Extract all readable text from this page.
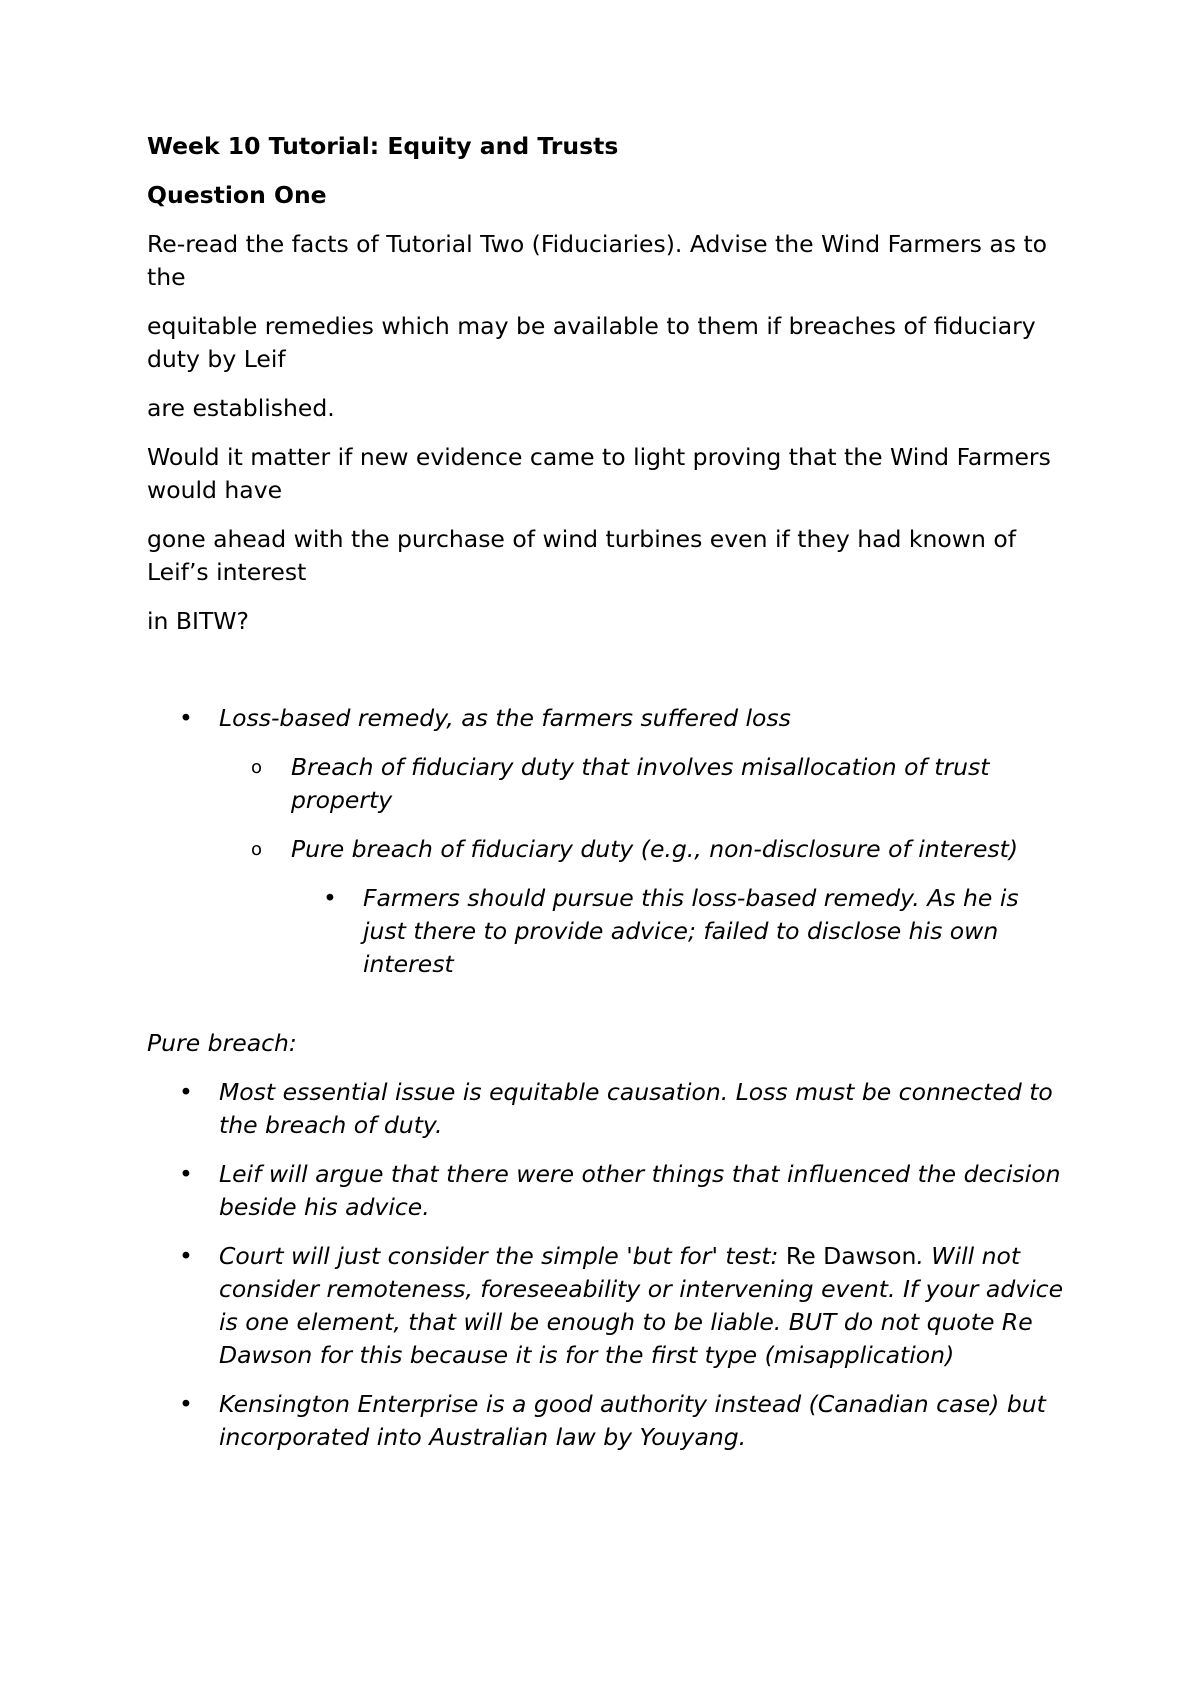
Week 10 Tutorial: Equity and Trusts
Question One
Re-read the facts of Tutorial Two (Fiduciaries). Advise the Wind Farmers as to the
equitable remedies which may be available to them if breaches of fiduciary duty by Leif
are established.
Would it matter if new evidence came to light proving that the Wind Farmers would have
gone ahead with the purchase of wind turbines even if they had known of Leif’s interest
in BITW?
•	Loss-based remedy, as the farmers suffered loss
o	Breach of fiduciary duty that involves misallocation of trust property
o	Pure breach of fiduciary duty (e.g., non-disclosure of interest)
•	Farmers should pursue this loss-based remedy. As he is just there to provide advice; failed to disclose his own interest
Pure breach:
•	Most essential issue is equitable causation. Loss must be connected to the breach of duty.
•	Leif will argue that there were other things that influenced the decision beside his advice.
•	Court will just consider the simple 'but for' test: Re Dawson. Will not consider remoteness, foreseeability or intervening event. If your advice is one element, that will be enough to be liable. BUT do not quote Re Dawson for this because it is for the first type (misapplication)
•	Kensington Enterprise is a good authority instead (Canadian case) but incorporated into Australian law by Youyang.
